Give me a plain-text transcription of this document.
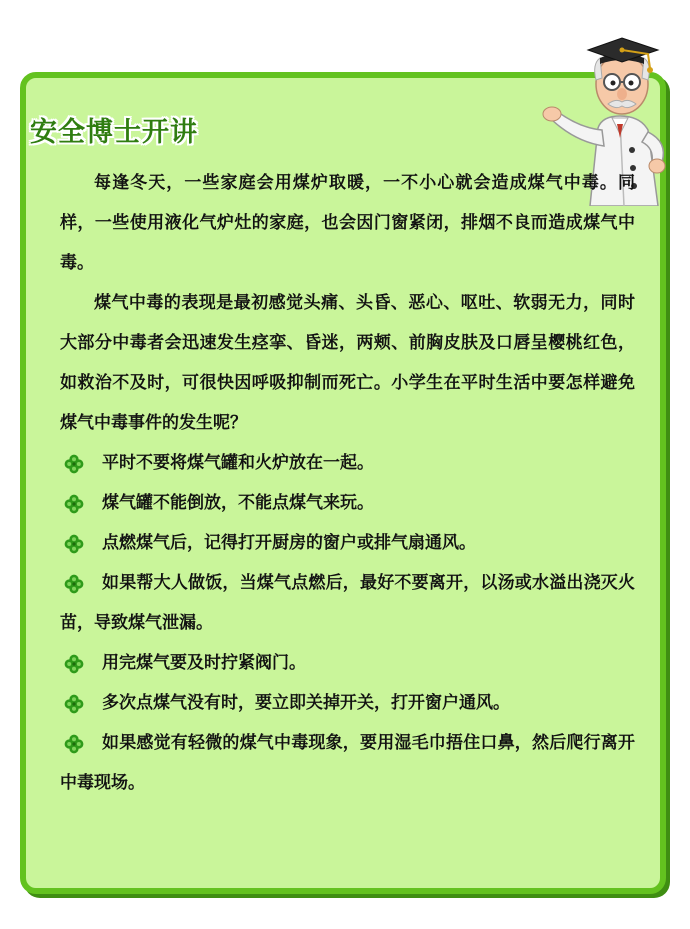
安全博士开讲

每逢冬天，一些家庭会用煤炉取暖，一不小心就会造成煤气中毒。同样，一些使用液化气炉灶的家庭，也会因门窗紧闭，排烟不良而造成煤气中毒。

煤气中毒的表现是最初感觉头痛、头昏、恶心、呕吐、软弱无力，同时大部分中毒者会迅速发生痉挛、昏迷，两颊、前胸皮肤及口唇呈樱桃红色，如救治不及时，可很快因呼吸抑制而死亡。小学生在平时生活中要怎样避免煤气中毒事件的发生呢？

平时不要将煤气罐和火炉放在一起。

煤气罐不能倒放，不能点煤气来玩。

点燃煤气后，记得打开厨房的窗户或排气扇通风。

如果帮大人做饭，当煤气点燃后，最好不要离开，以汤或水溢出浇灭火苗，导致煤气泄漏。

用完煤气要及时拧紧阀门。

多次点煤气没有时，要立即关掉开关，打开窗户通风。

如果感觉有轻微的煤气中毒现象，要用湿毛巾捂住口鼻，然后爬行离开中毒现场。
